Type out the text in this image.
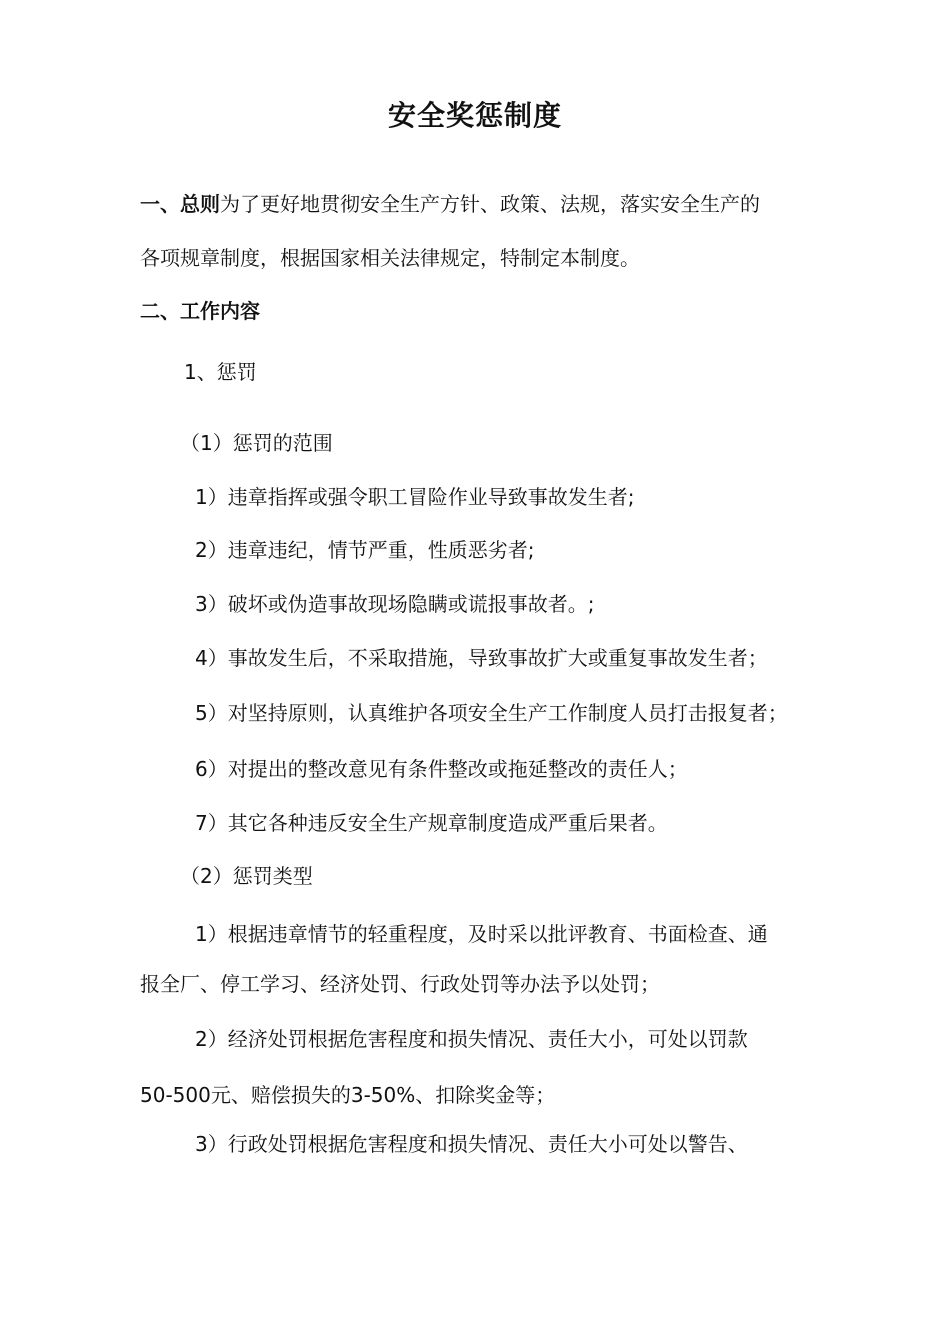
安全奖惩制度
一、总则为了更好地贯彻安全生产方针、政策、法规，落实安全生产的
各项规章制度，根据国家相关法律规定，特制定本制度。
二、工作内容
1、惩罚
（1）惩罚的范围
1）违章指挥或强令职工冒险作业导致事故发生者;
2）违章违纪，情节严重，性质恶劣者;
3）破坏或伪造事故现场隐瞒或谎报事故者。;
4）事故发生后，不采取措施，导致事故扩大或重复事故发生者；
5）对坚持原则，认真维护各项安全生产工作制度人员打击报复者；
6）对提出的整改意见有条件整改或拖延整改的责任人；
7）其它各种违反安全生产规章制度造成严重后果者。
（2）惩罚类型
1）根据违章情节的轻重程度，及时采以批评教育、书面检查、通
报全厂、停工学习、经济处罚、行政处罚等办法予以处罚；
2）经济处罚根据危害程度和损失情况、责任大小，可处以罚款
50-500元、赔偿损失的3-50%、扣除奖金等；
3）行政处罚根据危害程度和损失情况、责任大小可处以警告、
